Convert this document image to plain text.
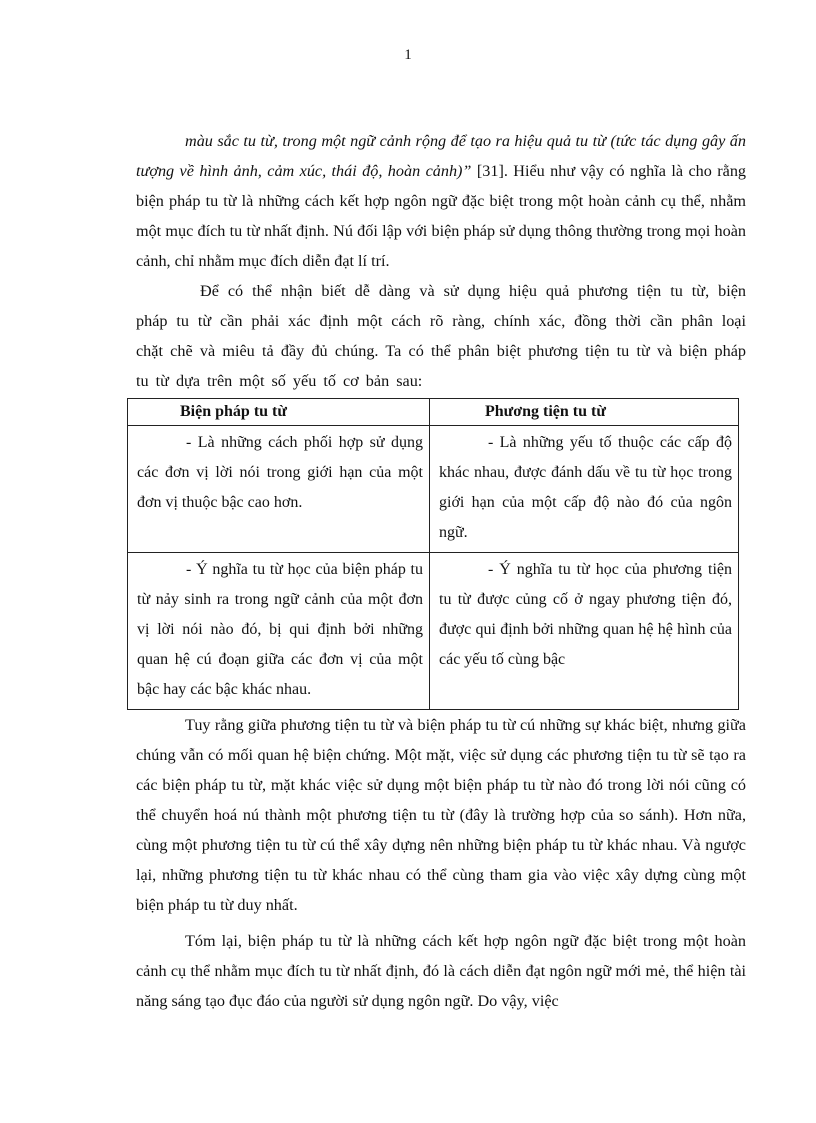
1

màu sắc tu từ, trong một ngữ cảnh rộng để tạo ra hiệu quả tu từ (tức tác dụng gây ấn tượng về hình ảnh, cảm xúc, thái độ, hoàn cảnh)” [31]. Hiểu như vậy có nghĩa là cho rằng biện pháp tu từ là những cách kết hợp ngôn ngữ đặc biệt trong một hoàn cảnh cụ thể, nhằm một mục đích tu từ nhất định. Nú đối lập với biện pháp sử dụng thông thường trong mọi hoàn cảnh, chỉ nhằm mục đích diễn đạt lí trí.

Để có thể nhận biết dễ dàng và sử dụng hiệu quả phương tiện tu từ, biện pháp tu từ cần phải xác định một cách rõ ràng, chính xác, đồng thời cần phân loại chặt chẽ và miêu tả đầy đủ chúng. Ta có thể phân biệt phương tiện tu từ và biện pháp tu từ dựa trên một số yếu tố cơ bản sau:

Biện pháp tu từ	Phương tiện tu từ

- Là những cách phối hợp sử dụng các đơn vị lời nói trong giới hạn của một đơn vị thuộc bậc cao hơn.	- Là những yếu tố thuộc các cấp độ khác nhau, được đánh dấu về tu từ học trong giới hạn của một cấp độ nào đó của ngôn ngữ.

- Ý nghĩa tu từ học của biện pháp tu từ nảy sinh ra trong ngữ cảnh của một đơn vị lời nói nào đó, bị qui định bởi những quan hệ cú đoạn giữa các đơn vị của một bậc hay các bậc khác nhau.	- Ý nghĩa tu từ học của phương tiện tu từ được củng cố ở ngay phương tiện đó, được qui định bởi những quan hệ hệ hình của các yếu tố cùng bậc

Tuy rằng giữa phương tiện tu từ và biện pháp tu từ cú những sự khác biệt, nhưng giữa chúng vẫn có mối quan hệ biện chứng. Một mặt, việc sử dụng các phương tiện tu từ sẽ tạo ra các biện pháp tu từ, mặt khác việc sử dụng một biện pháp tu từ nào đó trong lời nói cũng có thể chuyển hoá nú thành một phương tiện tu từ (đây là trường hợp của so sánh). Hơn nữa, cùng một phương tiện tu từ cú thể xây dựng nên những biện pháp tu từ khác nhau. Và ngược lại, những phương tiện tu từ khác nhau có thể cùng tham gia vào việc xây dựng cùng một biện pháp tu từ duy nhất.

Tóm lại, biện pháp tu từ là những cách kết hợp ngôn ngữ đặc biệt trong một hoàn cảnh cụ thể nhằm mục đích tu từ nhất định, đó là cách diễn đạt ngôn ngữ mới mẻ, thể hiện tài năng sáng tạo đục đáo của người sử dụng ngôn ngữ. Do vậy, việc
